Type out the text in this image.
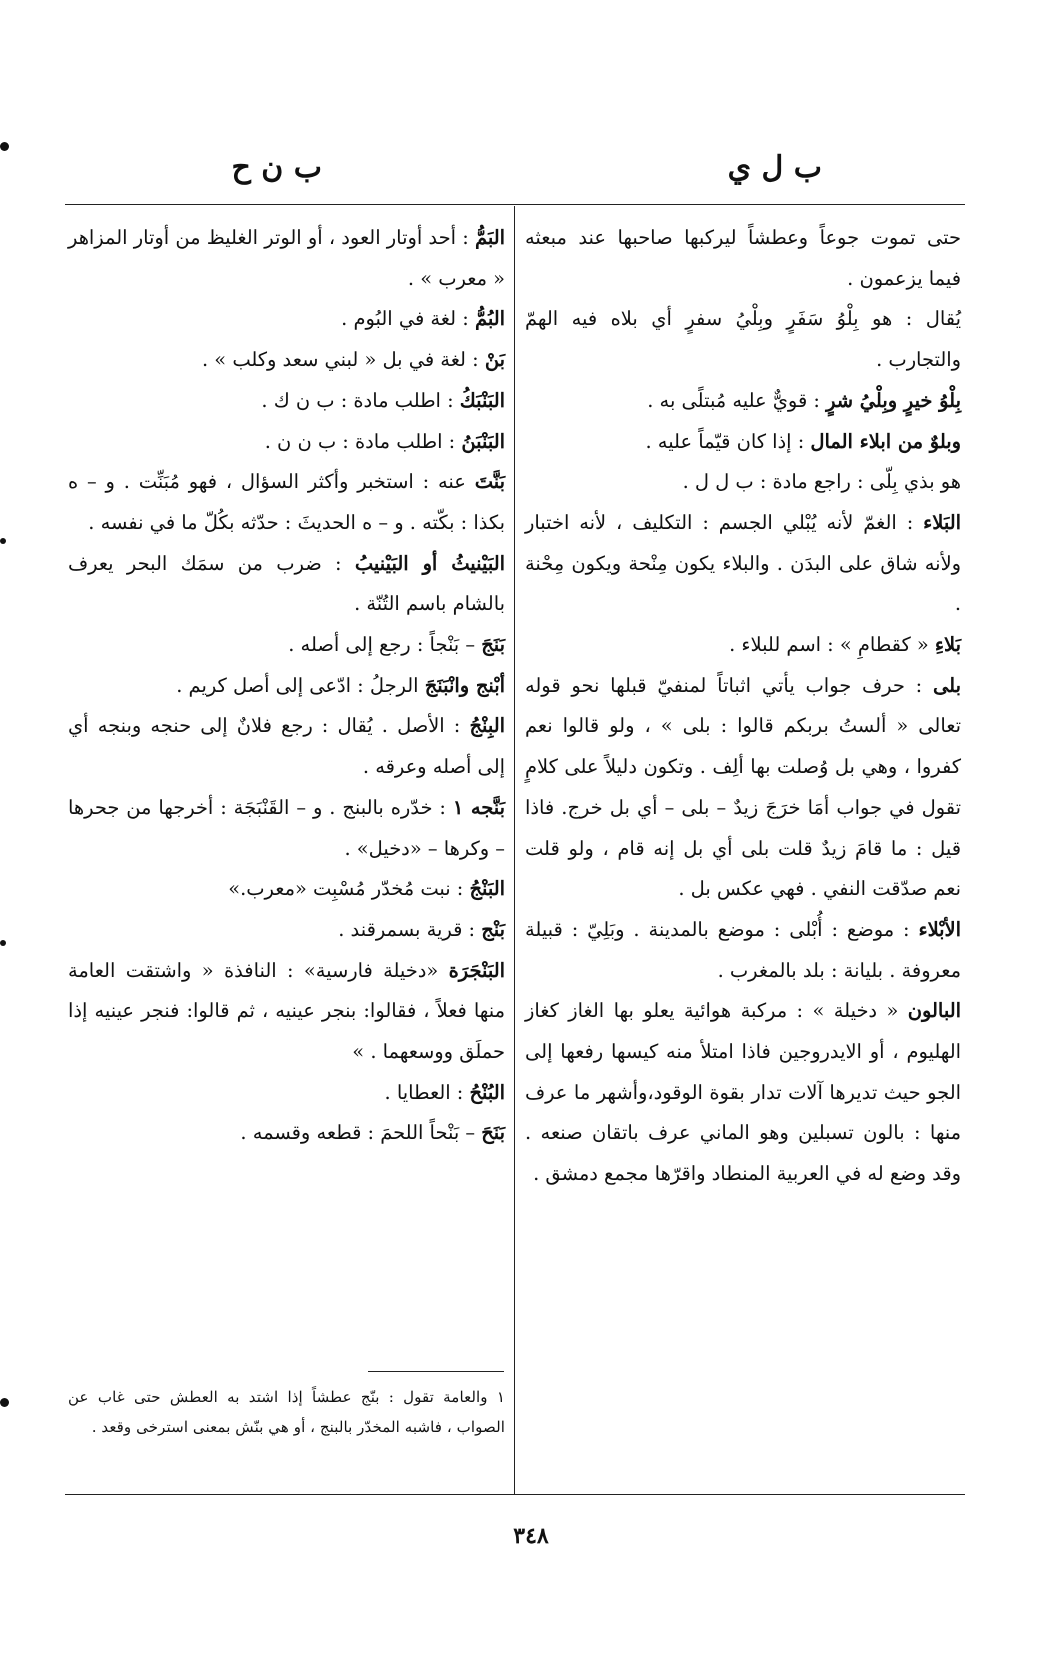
ب ل ي
ب ن ح

حتى تموت جوعاً وعطشاً ليركبها صاحبها عند مبعثه فيما يزعمون .

يُقال : هو بِلْوُ سَفَرٍ وبِلْيُ سفرٍ أي بلاه فيه الهمّ والتجارب .

بِلْوُ خيرٍ وبِلْيُ شرٍ : قويٌّ عليه مُبتلًى به .

وبلوٌ من ابلاء المال : إذا كان قيّماً عليه .

هو بذي بِلّى : راجع مادة : ب ل ل .

البَلاء : الغمّ لأنه يُبْلي الجسم : التكليف ، لأنه اختبار ولأنه شاق على البدَن . والبلاء يكون مِنْحة ويكون مِحْنة .

بَلاءِ « كقطامِ » : اسم للبلاء .

بلى : حرف جواب يأتي اثباتاً لمنفيّ قبلها نحو قوله تعالى « ألستُ بربكم قالوا : بلى » ، ولو قالوا نعم كفروا ، وهي بل وُصلت بها ألِف . وتكون دليلاً على كلامٍ تقول في جواب أمَا خرَجَ زيدٌ – بلى – أي بل خرج. فاذا قيل : ما قامَ زيدٌ قلت بلى أي بل إنه قام ، ولو قلت نعم صدّقت النفي . فهي عكس بل .

الأبْلاء : موضع : أُبْلى : موضع بالمدينة . وبَلِيّ : قبيلة معروفة . بليانة : بلد بالمغرب .

البالون « دخيلة » : مركبة هوائية يعلو بها الغاز كغاز الهليوم ، أو الايدروجين فاذا امتلأ منه كيسها رفعها إلى الجو حيث تديرها آلات تدار بقوة الوقود،وأشهر ما عرف منها : بالون تسبلين وهو الماني عرف باتقان صنعه . وقد وضع له في العربية المنطاد واقرّها مجمع دمشق .

البَمُّ : أحد أوتار العود ، أو الوتر الغليظ من أوتار المزاهر « معرب » .

البُمُّ : لغة في البُوم .

بَنْ : لغة في بل « لبني سعد وكلب » .

البَنْبَكُ : اطلب مادة : ب ن ك .

البَنْبَنُ : اطلب مادة : ب ن ن .

بَنَّتَ عنه : استخبر وأكثر السؤال ، فهو مُبَنِّت . و – ه بكذا : بكّته . و – ه الحديثَ : حدّثه بكُلّ ما في نفسه .

البَيْنيثُ أو البَيْنيبُ : ضرب من سمَك البحر يعرف بالشام باسم التُنّة .

بَنَجَ – بَنْجاً : رجع إلى أصله .

أبْنج وانْبَنَجَ الرجلُ : ادّعى إلى أصل كريم .

البِنْجُ : الأصل . يُقال : رجع فلانٌ إلى حنجه وبنجه أي إلى أصله وعرقه .

بَنَّجه ١ : خدّره بالبنج . و – القَنْبَجَة : أخرجها من جحرها – وكرها – «دخيل» .

البَنْجُ : نبت مُخدّر مُسْبِت «معرب.»

بَنْج : قرية بسمرقند .

البَنْجَرَة «دخيلة فارسية» : النافذة « واشتقت العامة منها فعلاً ، فقالوا: بنجر عينيه ، ثم قالوا: فنجر عينيه إذا حملَق ووسعهما . »

البُنْحُ : العطايا .

بَنَحَ – بَنْحاً اللحمَ : قطعه وقسمه .

١ والعامة تقول : بنّج عطشاً إذا اشتد به العطش حتى غاب عن الصواب ، فاشبه المخدّر بالبنج ، أو هي بنّش بمعنى استرخى وقعد .
٣٤٨
